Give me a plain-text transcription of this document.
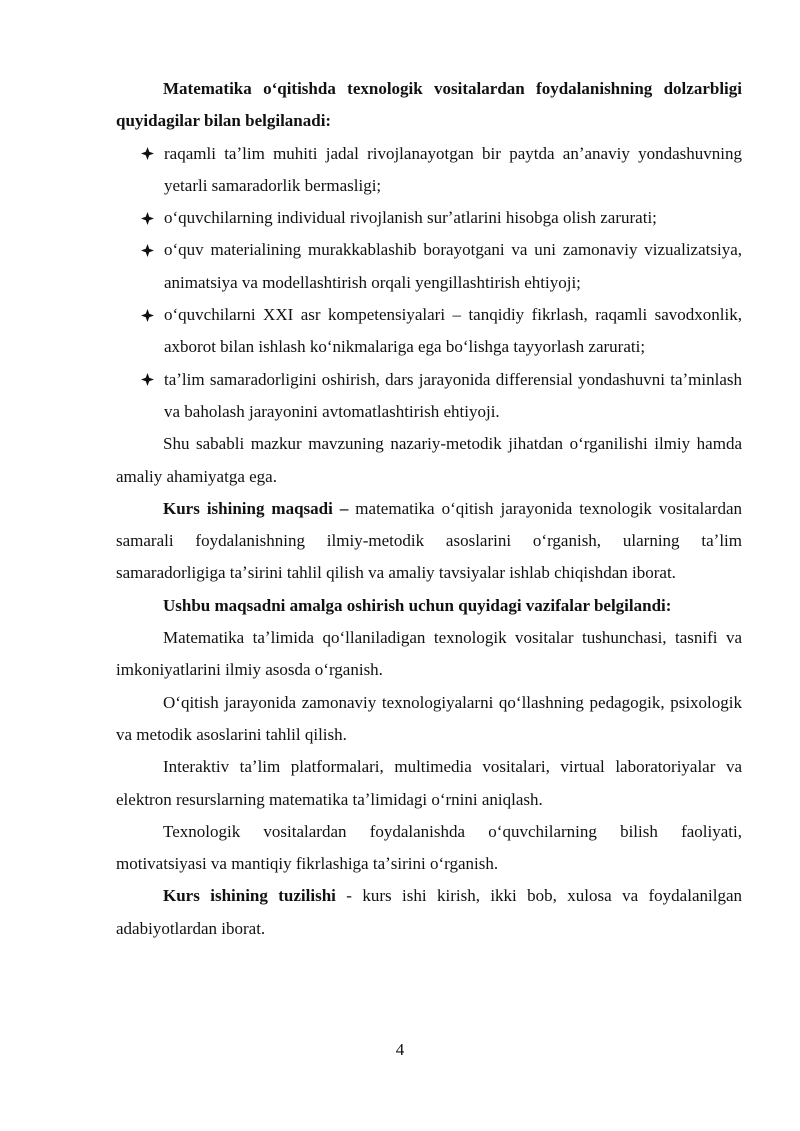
Matematika oʻqitishda texnologik vositalardan foydalanishning dolzarbligi quyidagilar bilan belgilanadi:

raqamli taʼlim muhiti jadal rivojlanayotgan bir paytda anʼanaviy yondashuvning yetarli samaradorlik bermasligi;
oʻquvchilarning individual rivojlanish surʼatlarini hisobga olish zarurati;
oʻquv materialining murakkablashib borayotgani va uni zamonaviy vizualizatsiya, animatsiya va modellashtirish orqali yengillashtirish ehtiyoji;
oʻquvchilarni XXI asr kompetensiyalari – tanqidiy fikrlash, raqamli savodxonlik, axborot bilan ishlash koʻnikmalariga ega boʻlishga tayyorlash zarurati;
taʼlim samaradorligini oshirish, dars jarayonida differensial yondashuvni taʼminlash va baholash jarayonini avtomatlashtirish ehtiyoji.

Shu sababli mazkur mavzuning nazariy-metodik jihatdan oʻrganilishi ilmiy hamda amaliy ahamiyatga ega.

Kurs ishining maqsadi – matematika oʻqitish jarayonida texnologik vositalardan samarali foydalanishning ilmiy-metodik asoslarini oʻrganish, ularning taʼlim samaradorligiga taʼsirini tahlil qilish va amaliy tavsiyalar ishlab chiqishdan iborat.

Ushbu maqsadni amalga oshirish uchun quyidagi vazifalar belgilandi:

Matematika taʼlimida qoʻllaniladigan texnologik vositalar tushunchasi, tasnifi va imkoniyatlarini ilmiy asosda oʻrganish.

Oʻqitish jarayonida zamonaviy texnologiyalarni qoʻllashning pedagogik, psixologik va metodik asoslarini tahlil qilish.

Interaktiv taʼlim platformalari, multimedia vositalari, virtual laboratoriyalar va elektron resurslarning matematika taʼlimidagi oʻrnini aniqlash.

Texnologik vositalardan foydalanishda oʻquvchilarning bilish faoliyati, motivatsiyasi va mantiqiy fikrlashiga taʼsirini oʻrganish.

Kurs ishining tuzilishi - kurs ishi kirish, ikki bob, xulosa va foydalanilgan adabiyotlardan iborat.

4
